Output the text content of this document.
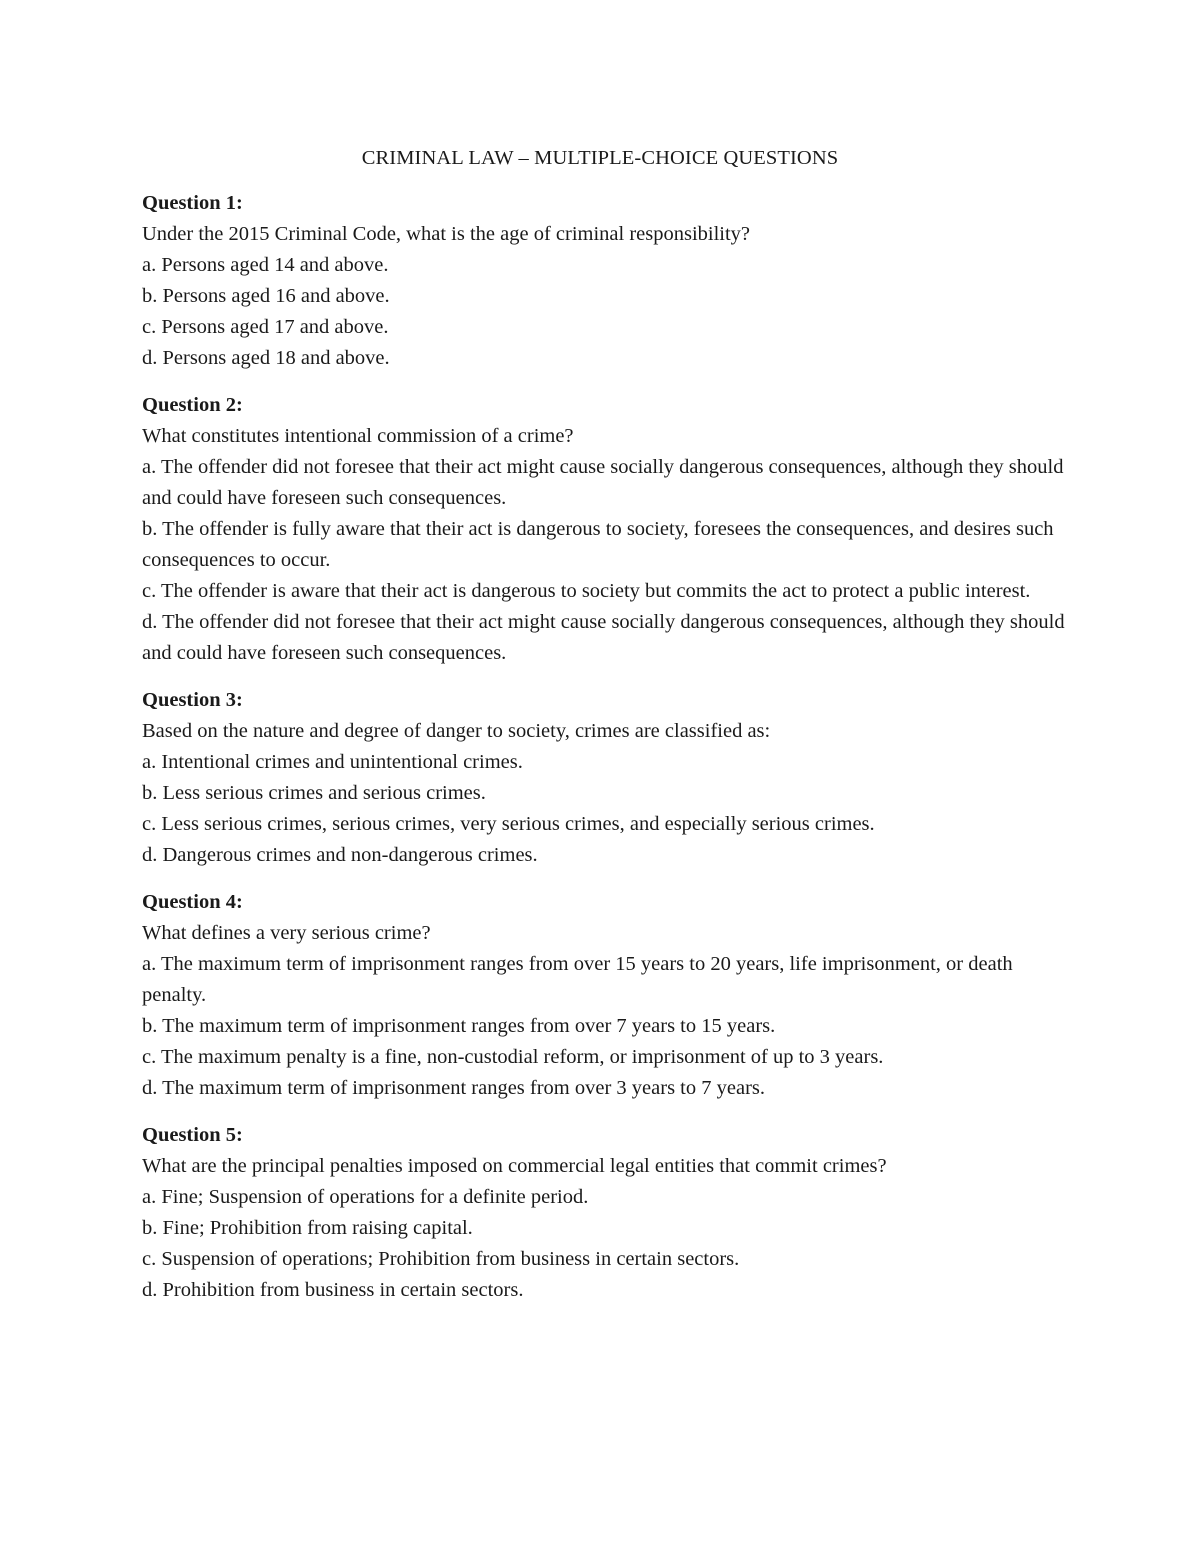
CRIMINAL LAW – MULTIPLE-CHOICE QUESTIONS
Question 1:
Under the 2015 Criminal Code, what is the age of criminal responsibility?
a. Persons aged 14 and above.
b. Persons aged 16 and above.
c. Persons aged 17 and above.
d. Persons aged 18 and above.
Question 2:
What constitutes intentional commission of a crime?
a. The offender did not foresee that their act might cause socially dangerous consequences, although they should and could have foreseen such consequences.
b. The offender is fully aware that their act is dangerous to society, foresees the consequences, and desires such consequences to occur.
c. The offender is aware that their act is dangerous to society but commits the act to protect a public interest.
d. The offender did not foresee that their act might cause socially dangerous consequences, although they should and could have foreseen such consequences.
Question 3:
Based on the nature and degree of danger to society, crimes are classified as:
a. Intentional crimes and unintentional crimes.
b. Less serious crimes and serious crimes.
c. Less serious crimes, serious crimes, very serious crimes, and especially serious crimes.
d. Dangerous crimes and non-dangerous crimes.
Question 4:
What defines a very serious crime?
a. The maximum term of imprisonment ranges from over 15 years to 20 years, life imprisonment, or death penalty.
b. The maximum term of imprisonment ranges from over 7 years to 15 years.
c. The maximum penalty is a fine, non-custodial reform, or imprisonment of up to 3 years.
d. The maximum term of imprisonment ranges from over 3 years to 7 years.
Question 5:
What are the principal penalties imposed on commercial legal entities that commit crimes?
a. Fine; Suspension of operations for a definite period.
b. Fine; Prohibition from raising capital.
c. Suspension of operations; Prohibition from business in certain sectors.
d. Prohibition from business in certain sectors.
